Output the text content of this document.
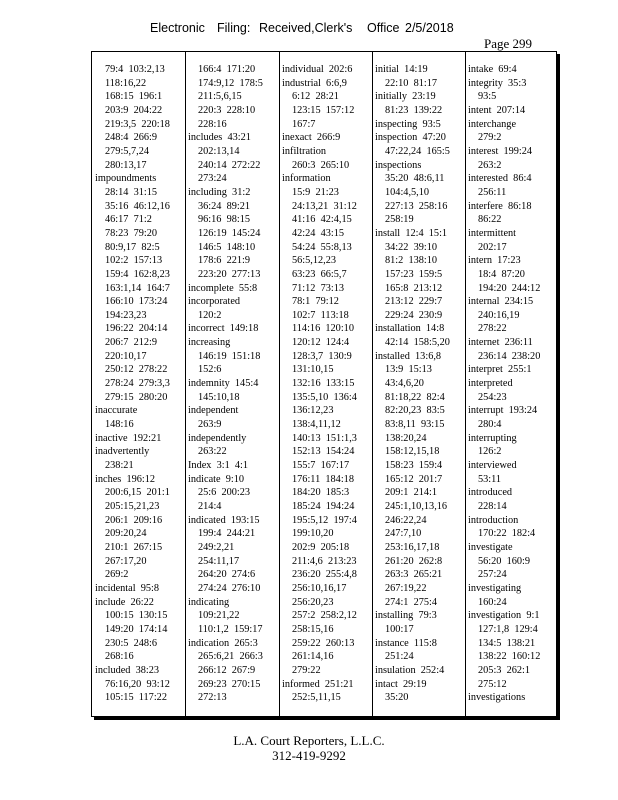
Electronic Filing: Received,Clerk's Office 2/5/2018
Page 299
79:4  103:2,13
118:16,22
168:15  196:1
203:9  204:22
219:3,5  220:18
248:4  266:9
279:5,7,24
280:13,17
impoundments
28:14  31:15
35:16  46:12,16
46:17  71:2
78:23  79:20
80:9,17  82:5
102:2  157:13
159:4  162:8,23
163:1,14  164:7
166:10  173:24
194:23,23
196:22  204:14
206:7  212:9
220:10,17
250:12  278:22
278:24  279:3,3
279:15  280:20
inaccurate
148:16
inactive  192:21
inadvertently
238:21
inches  196:12
200:6,15  201:1
205:15,21,23
206:1  209:16
209:20,24
210:1  267:15
267:17,20
269:2
incidental  95:8
include  26:22
100:15  130:15
149:20  174:14
230:5  248:6
268:16
included  38:23
76:16,20  93:12
105:15  117:22
166:4  171:20
174:9,12  178:5
211:5,6,15
220:3  228:10
228:16
includes  43:21
202:13,14
240:14  272:22
273:24
including  31:2
36:24  89:21
96:16  98:15
126:19  145:24
146:5  148:10
178:6  221:9
223:20  277:13
incomplete  55:8
incorporated
120:2
incorrect  149:18
increasing
146:19  151:18
152:6
indemnity  145:4
145:10,18
independent
263:9
independently
263:22
Index  3:1  4:1
indicate  9:10
25:6  200:23
214:4
indicated  193:15
199:4  244:21
249:2,21
254:11,17
264:20  274:6
274:24  276:10
indicating
109:21,22
110:1,2  159:17
indication  265:3
265:6,21  266:3
266:12  267:9
269:23  270:15
272:13
individual  202:6
industrial  6:6,9
6:12  28:21
123:15  157:12
167:7
inexact  266:9
infiltration
260:3  265:10
information
15:9  21:23
24:13,21  31:12
41:16  42:4,15
42:24  43:15
54:24  55:8,13
56:5,12,23
63:23  66:5,7
71:12  73:13
78:1  79:12
102:7  113:18
114:16  120:10
120:12  124:4
128:3,7  130:9
131:10,15
132:16  133:15
135:5,10  136:4
136:12,23
138:4,11,12
140:13  151:1,3
152:13  154:24
155:7  167:17
176:11  184:18
184:20  185:3
185:24  194:24
195:5,12  197:4
199:10,20
202:9  205:18
211:4,6  213:23
236:20  255:4,8
256:10,16,17
256:20,23
257:2  258:2,12
258:15,16
259:22  260:13
261:14,16
279:22
informed  251:21
252:5,11,15
initial  14:19
22:10  81:17
initially  23:19
81:23  139:22
inspecting  93:5
inspection  47:20
47:22,24  165:5
inspections
35:20  48:6,11
104:4,5,10
227:13  258:16
258:19
install  12:4  15:1
34:22  39:10
81:2  138:10
157:23  159:5
165:8  213:12
213:12  229:7
229:24  230:9
installation  14:8
42:14  158:5,20
installed  13:6,8
13:9  15:13
43:4,6,20
81:18,22  82:4
82:20,23  83:5
83:8,11  93:15
138:20,24
158:12,15,18
158:23  159:4
165:12  201:7
209:1  214:1
245:1,10,13,16
246:22,24
247:7,10
253:16,17,18
261:20  262:8
263:3  265:21
267:19,22
274:1  275:4
installing  79:3
100:17
instance  115:8
251:24
insulation  252:4
intact  29:19
35:20
intake  69:4
integrity  35:3
93:5
intent  207:14
interchange
279:2
interest  199:24
263:2
interested  86:4
256:11
interfere  86:18
86:22
intermittent
202:17
intern  17:23
18:4  87:20
194:20  244:12
internal  234:15
240:16,19
278:22
internet  236:11
236:14  238:20
interpret  255:1
interpreted
254:23
interrupt  193:24
280:4
interrupting
126:2
interviewed
53:11
introduced
228:14
introduction
170:22  182:4
investigate
56:20  160:9
257:24
investigating
160:24
investigation  9:1
127:1,8  129:4
134:5  138:21
138:22  160:12
205:3  262:1
275:12
investigations
L.A. Court Reporters, L.L.C.
312-419-9292
